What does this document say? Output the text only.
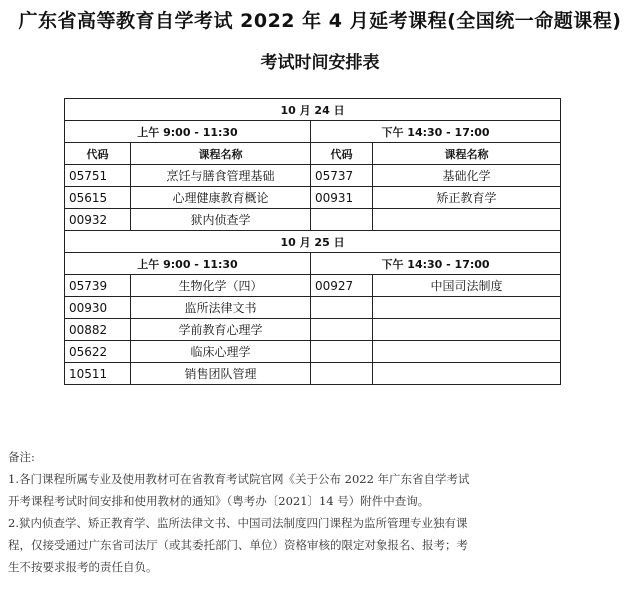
广东省高等教育自学考试 2022 年 4 月延考课程(全国统一命题课程)
考试时间安排表
10 月 24 日			
上午 9:00 - 11:30		下午 14:30 - 17:00	
代码	课程名称	代码	课程名称
05751	烹饪与膳食管理基础	05737	基础化学
05615	心理健康教育概论	00931	矫正教育学
00932	狱内侦查学		
10 月 25 日			
上午 9:00 - 11:30		下午 14:30 - 17:00	
05739	生物化学（四）	00927	中国司法制度
00930	监所法律文书		
00882	学前教育心理学		
05622	临床心理学		
10511	销售团队管理		

备注:

1.各门课程所属专业及使用教材可在省教育考试院官网《关于公布 2022 年广东省自学考试

开考课程考试时间安排和使用教材的通知》（粤考办〔2021〕14 号）附件中查询。

2.狱内侦查学、矫正教育学、监所法律文书、中国司法制度四门课程为监所管理专业独有课

程，仅接受通过广东省司法厅（或其委托部门、单位）资格审核的限定对象报名、报考；考

生不按要求报考的责任自负。
